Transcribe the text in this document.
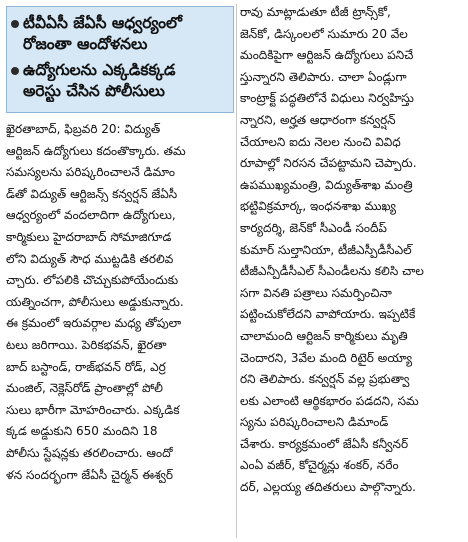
టీవీఏసీ జేఏసీ ఆధ్వర్యంలో
రోజంతా ఆందోళనలు
ఉద్యోగులను ఎక్కడికక్కడ
అరెస్టు చేసిన పోలీసులు

ఖైరతాబాద్, ఫిబ్రవరి 20: విద్యుత్
ఆర్టిజన్ ఉద్యోగులు కదంతొక్కారు. తమ
సమస్యలను పరిష్కరించాలనే డిమాం
డ్‌తో విద్యుత్ ఆర్టిజన్స్ కన్వర్షన్ జేఏసీ
ఆధ్వర్యంలో వందలాదిగా ఉద్యోగులు,
కార్మికులు హైదరాబాద్ సోమాజిగూడ
లోని విద్యుత్ సౌధ ముట్టడికి తరలివ
చ్చారు. లోపలికి చొచ్చుకుపోయేందుకు
యత్నించగా, పోలీసులు అడ్డుకున్నారు.
ఈ క్రమంలో ఇరువర్గాల మధ్య తోపులా
టలు జరిగాయి. పెరికభవన్, ఖైరతా
బాద్ బస్టాండ్, రాజ్‌భవన్ రోడ్, ఎర్ర
మంజిల్, నెక్లెస్‌రోడ్ ప్రాంతాల్లో పోలీ
సులు భారీగా మోహరించారు. ఎక్కడిక
క్కడ అడ్డుకుని 650 మందిని 18
పోలీసు స్టేషన్లకు తరలించారు. ఆందో
ళన సందర్భంగా జేఏసీ చైర్మన్ ఈశ్వర్

రావు మాట్లాడుతూ టీజీ ట్రాన్స్‌కో,
జెన్‌కో, డిస్కంలలో సుమారు 20 వేల
మందికిపైగా ఆర్టిజన్ ఉద్యోగులు పనిచే
స్తున్నారని తెలిపారు. చాలా ఏండ్లుగా
కాంట్రాక్ట్ పద్ధతిలోనే విధులు నిర్వహిస్తు
న్నారని, అర్హత ఆధారంగా కన్వర్షన్
చేయాలని ఐదు నెలల నుంచి వివిధ
రూపాల్లో నిరసన చేపట్టామని చెప్పారు.
ఉపముఖ్యమంత్రి, విద్యుత్‌శాఖ మంత్రి
భట్టివిక్రమార్క, ఇంధనశాఖ ముఖ్య
కార్యదర్శి, జెన్‌కో సీఎండీ సందీప్
కుమార్ సుల్తానియా, టీజీఎస్పీడీసీఎల్
టీజీఎన్పీడీసీఎల్ సీఎండీలను కలిసి చాల
సగా వినతి పత్రాలు సమర్పించినా
పట్టించుకోలేదని వాపోయారు. ఇప్పటికే
చాలామంది ఆర్టిజన్ కార్మికులు మృతి
చెందారని, 3వేల మంది రిటైర్ అయ్యా
రని తెలిపారు. కన్వర్షన్ వల్ల ప్రభుత్వా
లకు ఎలాంటి ఆర్థికభారం పడదని, సమ
స్యను పరిష్కరించాలని డిమాండ్
చేశారు. కార్యక్రమంలో జేఏసీ కన్వీనర్
ఎంఏ వజీర్, కోచైర్మన్లు శంకర్, నరేం
దర్, ఎల్లయ్య తదితరులు పాల్గొన్నారు.
